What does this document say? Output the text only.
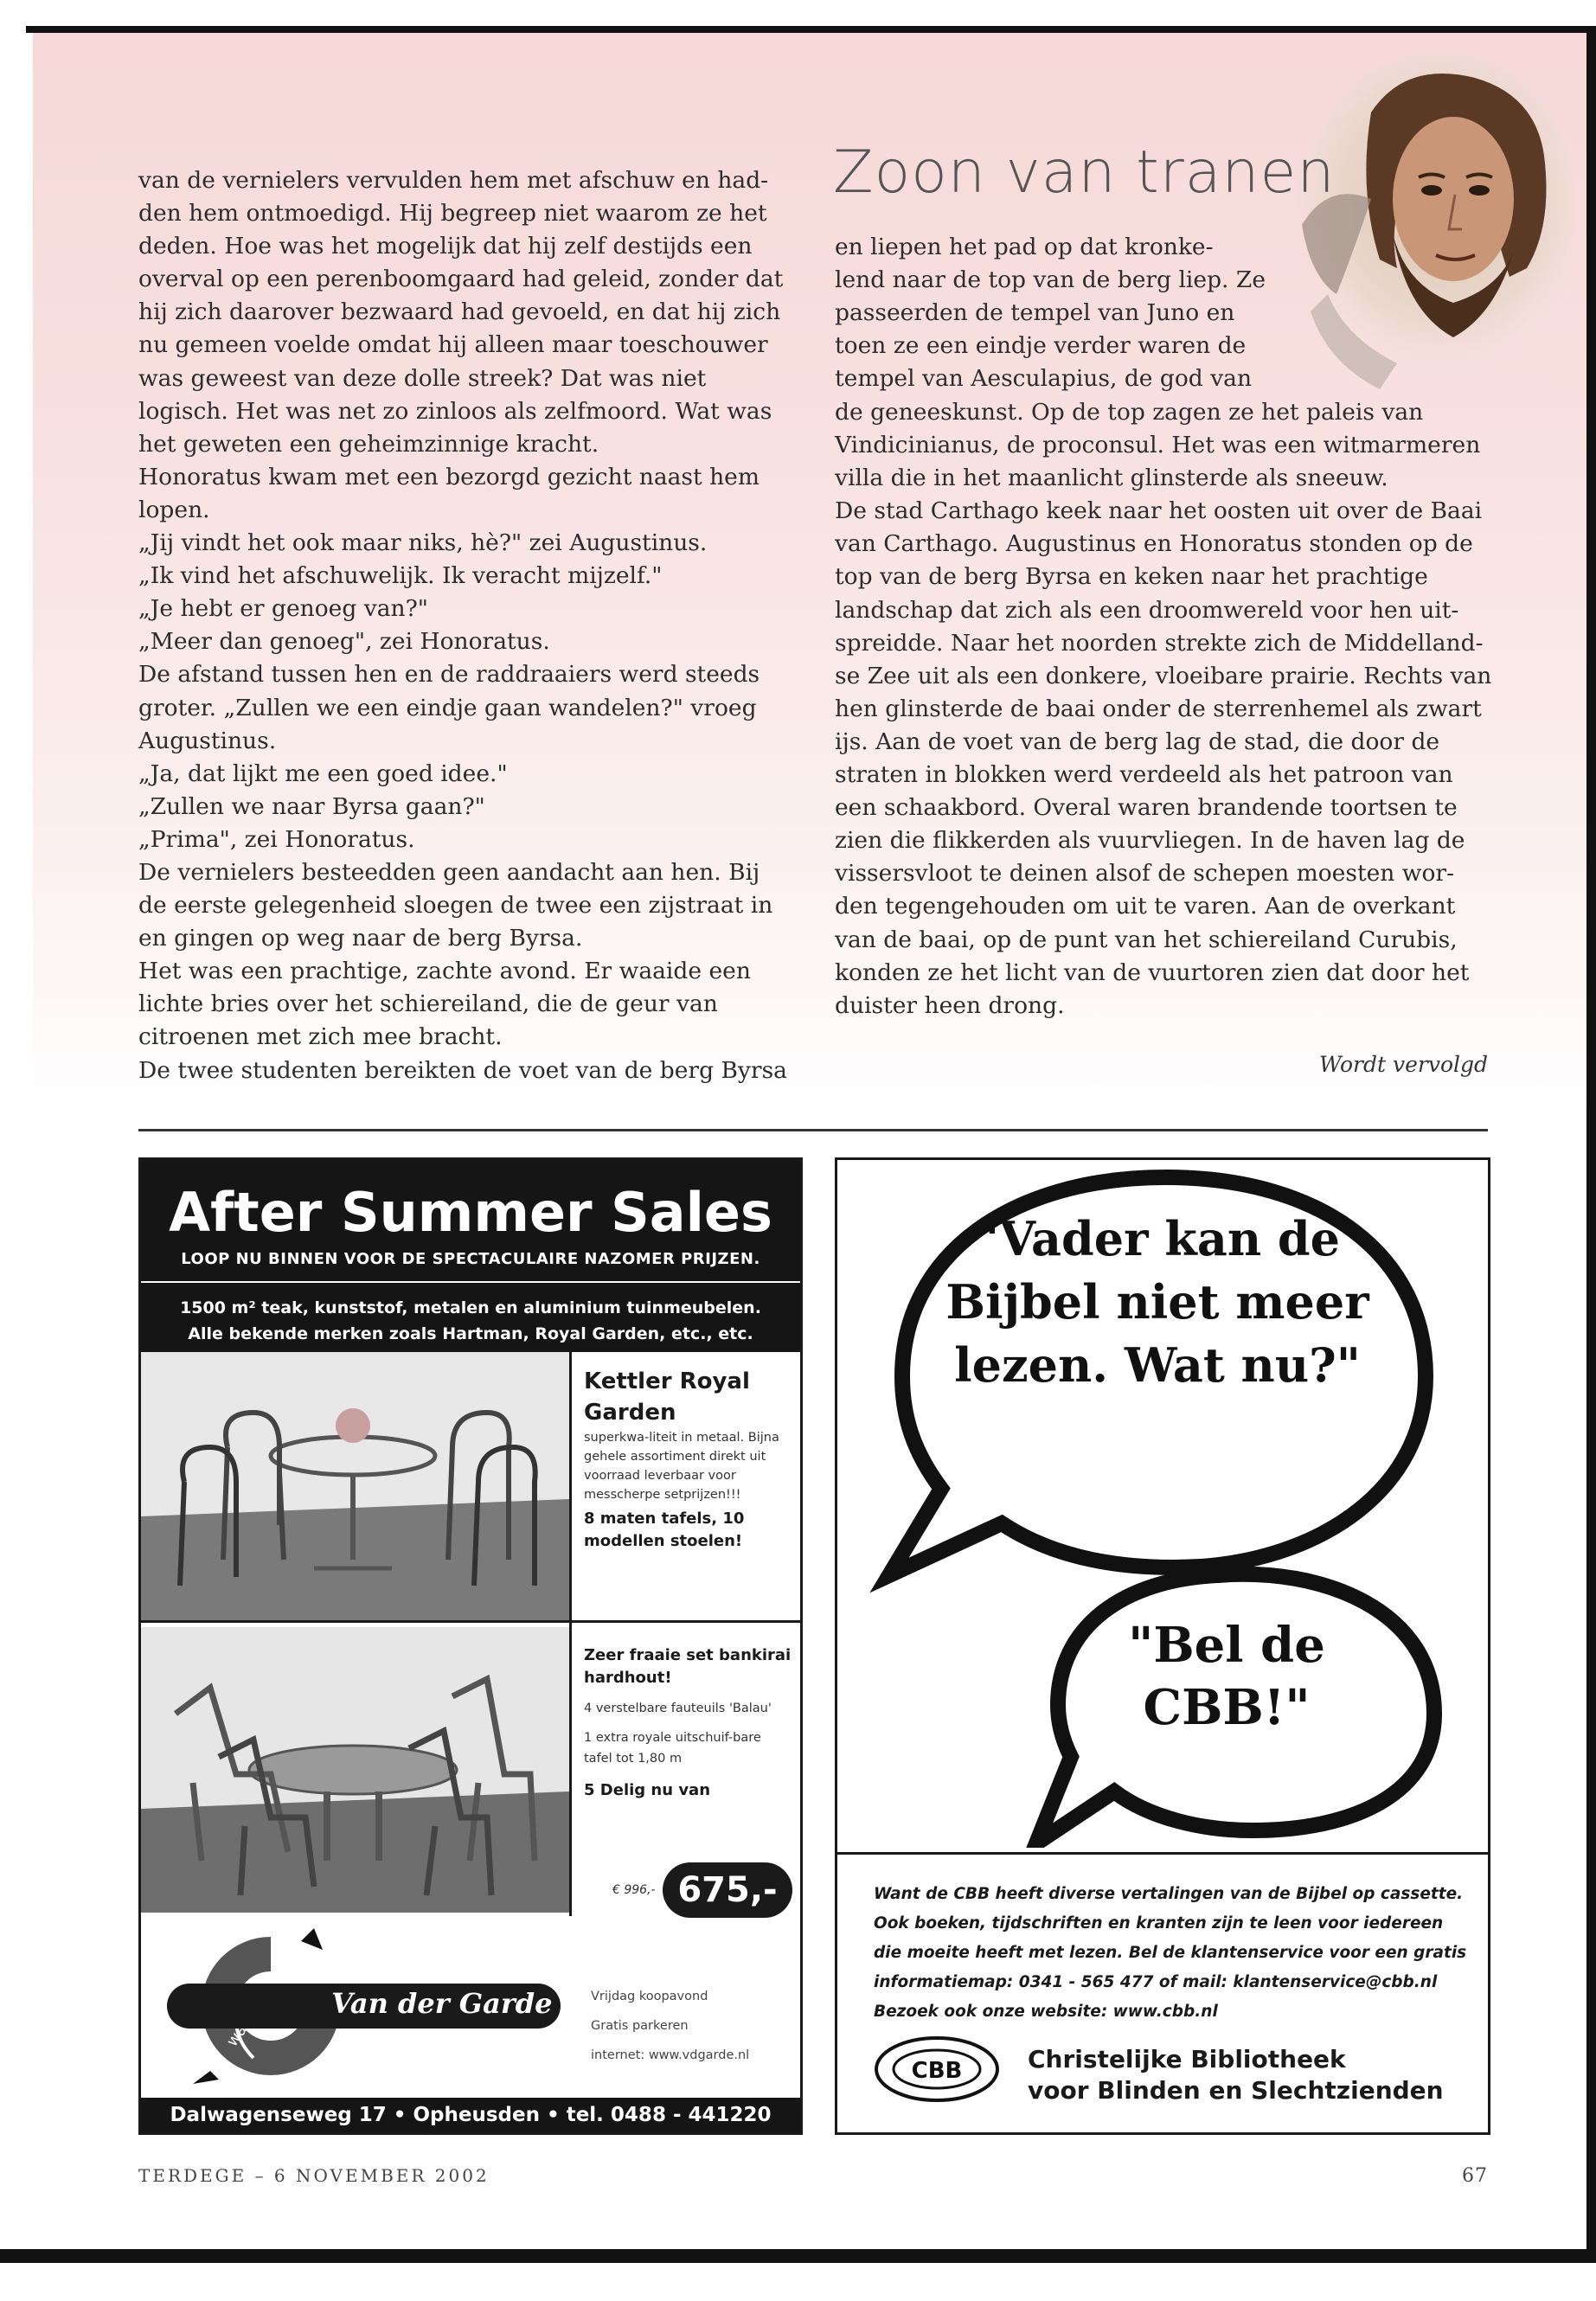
Zoon van tranen

van de vernielers vervulden hem met afschuw en had-

den hem ontmoedigd. Hij begreep niet waarom ze het

deden. Hoe was het mogelijk dat hij zelf destijds een

overval op een perenboomgaard had geleid, zonder dat

hij zich daarover bezwaard had gevoeld, en dat hij zich

nu gemeen voelde omdat hij alleen maar toeschouwer

was geweest van deze dolle streek? Dat was niet

logisch. Het was net zo zinloos als zelfmoord. Wat was

het geweten een geheimzinnige kracht.

Honoratus kwam met een bezorgd gezicht naast hem

lopen.

„Jij vindt het ook maar niks, hè?" zei Augustinus.

„Ik vind het afschuwelijk. Ik veracht mijzelf."

„Je hebt er genoeg van?"

„Meer dan genoeg", zei Honoratus.

De afstand tussen hen en de raddraaiers werd steeds

groter. „Zullen we een eindje gaan wandelen?" vroeg

Augustinus.

„Ja, dat lijkt me een goed idee."

„Zullen we naar Byrsa gaan?"

„Prima", zei Honoratus.

De vernielers besteedden geen aandacht aan hen. Bij

de eerste gelegenheid sloegen de twee een zijstraat in

en gingen op weg naar de berg Byrsa.

Het was een prachtige, zachte avond. Er waaide een

lichte bries over het schiereiland, die de geur van

citroenen met zich mee bracht.

De twee studenten bereikten de voet van de berg Byrsa

en liepen het pad op dat kronke-

lend naar de top van de berg liep. Ze

passeerden de tempel van Juno en

toen ze een eindje verder waren de

tempel van Aesculapius, de god van

de geneeskunst. Op de top zagen ze het paleis van

Vindicinianus, de proconsul. Het was een witmarmeren

villa die in het maanlicht glinsterde als sneeuw.

De stad Carthago keek naar het oosten uit over de Baai

van Carthago. Augustinus en Honoratus stonden op de

top van de berg Byrsa en keken naar het prachtige

landschap dat zich als een droomwereld voor hen uit-

spreidde. Naar het noorden strekte zich de Middelland-

se Zee uit als een donkere, vloeibare prairie. Rechts van

hen glinsterde de baai onder de sterrenhemel als zwart

ijs. Aan de voet van de berg lag de stad, die door de

straten in blokken werd verdeeld als het patroon van

een schaakbord. Overal waren brandende toortsen te

zien die flikkerden als vuurvliegen. In de haven lag de

vissersvloot te deinen alsof de schepen moesten wor-

den tegengehouden om uit te varen. Aan de overkant

van de baai, op de punt van het schiereiland Curubis,

konden ze het licht van de vuurtoren zien dat door het

duister heen drong.

Wordt vervolgd
After Summer Sales
LOOP NU BINNEN VOOR DE SPECTACULAIRE NAZOMER PRIJZEN.
1500 m² teak, kunststof, metalen en aluminium tuinmeubelen.
Alle bekende merken zoals Hartman, Royal Garden, etc., etc.
Kettler Royal Garden
superkwa-liteit in metaal. Bijna gehele assortiment direkt uit voorraad leverbaar voor messcherpe setprijzen!!!
8 maten tafels, 10 modellen stoelen!
Zeer fraaie set bankirai hardhout!
4 verstelbare fauteuils 'Balau'
1 extra royale uitschuif-bare tafel tot 1,80 m
5 Delig nu van
€ 996,- 675,-
Van der Garde	Vrijdag koopavond
Gratis parkeren
internet: www.vdgarde.nl
Dalwagenseweg 17 • Opheusden • tel. 0488 - 441220
"Vader kan de Bijbel niet meer lezen. Wat nu?"
"Bel de CBB!"
Want de CBB heeft diverse vertalingen van de Bijbel op cassette. Ook boeken, tijdschriften en kranten zijn te leen voor iedereen die moeite heeft met lezen. Bel de klantenservice voor een gratis informatiemap: 0341 - 565 477 of mail: klantenservice@cbb.nl Bezoek ook onze website: www.cbb.nl
CBB	Christelijke Bibliotheek
voor Blinden en Slechtzienden
TERDEGE – 6 NOVEMBER 2002	67
